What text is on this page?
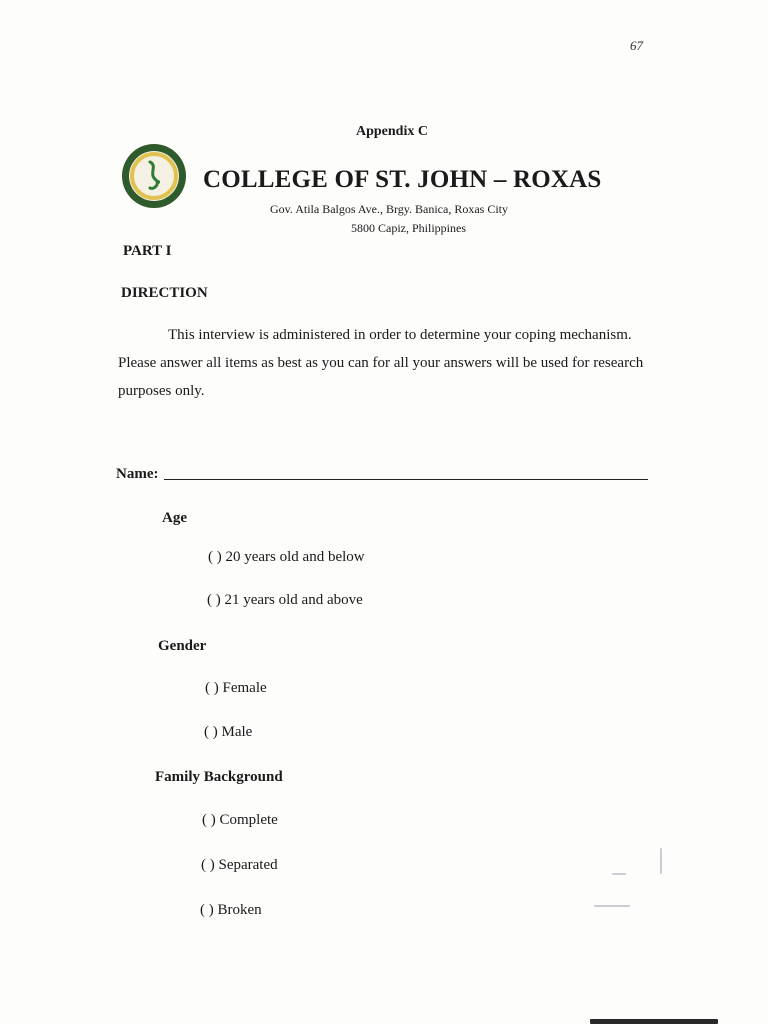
67
Appendix C
COLLEGE OF ST. JOHN – ROXAS
Gov. Atila Balgos Ave., Brgy. Banica, Roxas City
5800 Capiz, Philippines
PART I
DIRECTION
This interview is administered in order to determine your coping mechanism.
Please answer all items as best as you can for all your answers will be used for research
purposes only.
Name:
Age
( ) 20 years old and below
( ) 21 years old and above
Gender
( ) Female
( ) Male
Family Background
( ) Complete
( ) Separated
( ) Broken
